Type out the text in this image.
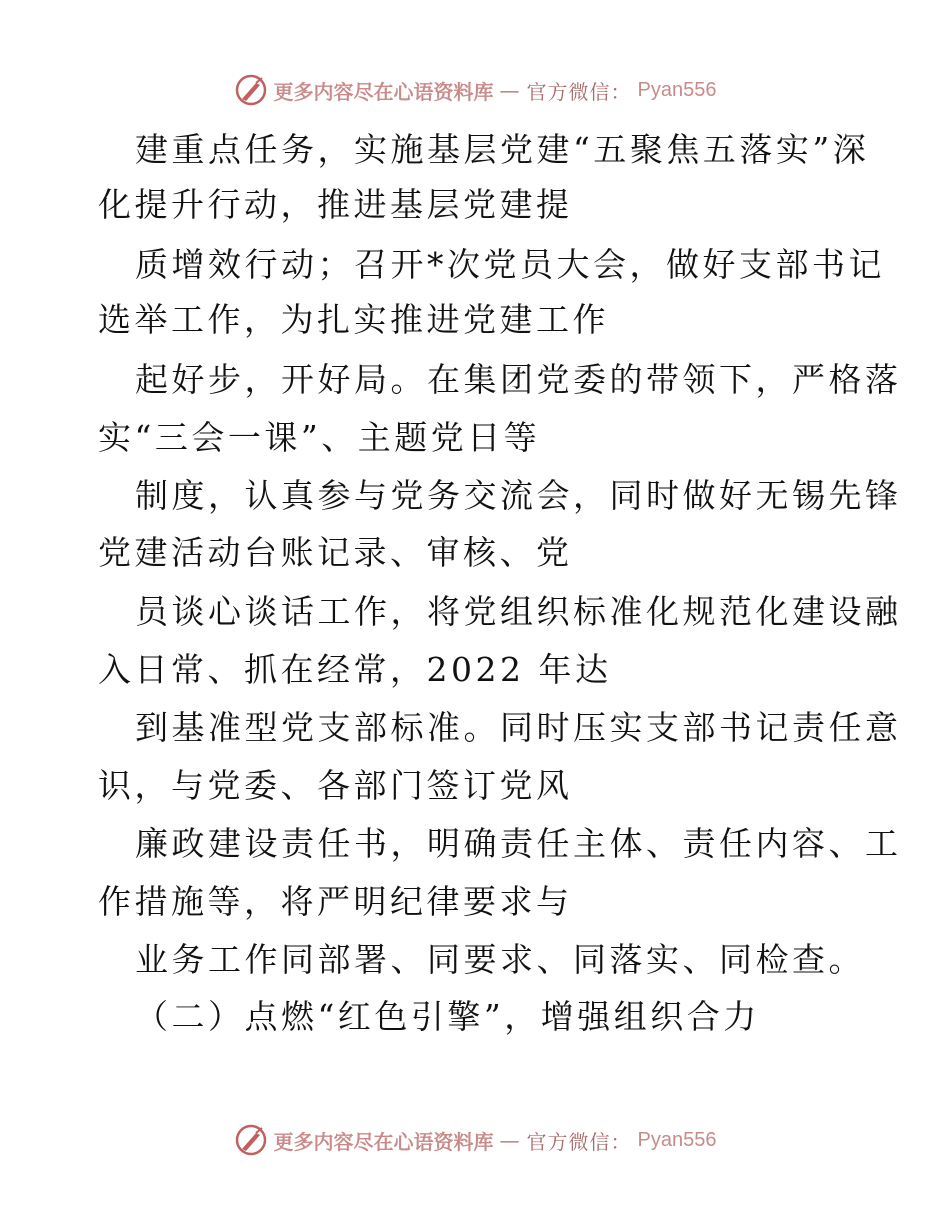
更多内容尽在心语资料库 — 官方微信： Pyan556
建重点任务，实施基层党建“五聚焦五落实”深
化提升行动，推进基层党建提
质增效行动；召开*次党员大会，做好支部书记
选举工作，为扎实推进党建工作
起好步，开好局。在集团党委的带领下，严格落
实“三会一课”、主题党日等
制度，认真参与党务交流会，同时做好无锡先锋
党建活动台账记录、审核、党
员谈心谈话工作，将党组织标准化规范化建设融
入日常、抓在经常，2022 年达
到基准型党支部标准。同时压实支部书记责任意
识，与党委、各部门签订党风
廉政建设责任书，明确责任主体、责任内容、工
作措施等，将严明纪律要求与
业务工作同部署、同要求、同落实、同检查。
（二）点燃“红色引擎”，增强组织合力
更多内容尽在心语资料库 — 官方微信： Pyan556
